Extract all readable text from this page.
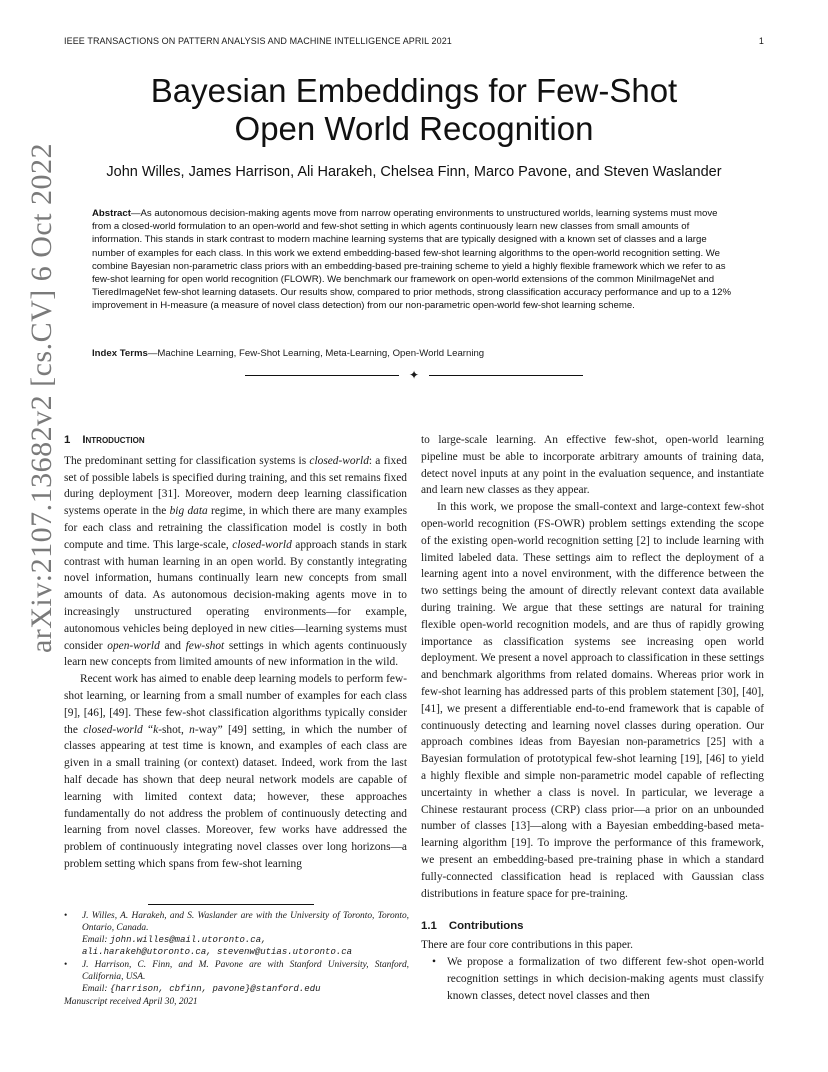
IEEE TRANSACTIONS ON PATTERN ANALYSIS AND MACHINE INTELLIGENCE APRIL 2021	1
arXiv:2107.13682v2 [cs.CV] 6 Oct 2022
Bayesian Embeddings for Few-Shot
Open World Recognition
John Willes, James Harrison, Ali Harakeh, Chelsea Finn, Marco Pavone, and Steven Waslander
Abstract—As autonomous decision-making agents move from narrow operating environments to unstructured worlds, learning systems must move from a closed-world formulation to an open-world and few-shot setting in which agents continuously learn new classes from small amounts of information. This stands in stark contrast to modern machine learning systems that are typically designed with a known set of classes and a large number of examples for each class. In this work we extend embedding-based few-shot learning algorithms to the open-world recognition setting. We combine Bayesian non-parametric class priors with an embedding-based pre-training scheme to yield a highly flexible framework which we refer to as few-shot learning for open world recognition (FLOWR). We benchmark our framework on open-world extensions of the common MiniImageNet and TieredImageNet few-shot learning datasets. Our results show, compared to prior methods, strong classification accuracy performance and up to a 12% improvement in H-measure (a measure of novel class detection) from our non-parametric open-world few-shot learning scheme.
Index Terms—Machine Learning, Few-Shot Learning, Meta-Learning, Open-World Learning
✦
1 Introduction

The predominant setting for classification systems is closed-world: a fixed set of possible labels is specified during training, and this set remains fixed during deployment [31]. Moreover, modern deep learning classification systems operate in the big data regime, in which there are many examples for each class and retraining the classification model is costly in both compute and time. This large-scale, closed-world approach stands in stark contrast with human learning in an open world. By constantly integrating novel information, humans continually learn new concepts from small amounts of data. As autonomous decision-making agents move in to increasingly unstructured operating environments—for example, autonomous vehicles being deployed in new cities—learning systems must consider open-world and few-shot settings in which agents continuously learn new concepts from limited amounts of new information in the wild.

Recent work has aimed to enable deep learning models to perform few-shot learning, or learning from a small number of examples for each class [9], [46], [49]. These few-shot classification algorithms typically consider the closed-world “k-shot, n-way” [49] setting, in which the number of classes appearing at test time is known, and examples of each class are given in a small training (or context) dataset. Indeed, work from the last half decade has shown that deep neural network models are capable of learning with limited context data; however, these approaches fundamentally do not address the problem of continuously detecting and learning from novel classes. Moreover, few works have addressed the problem of continuously integrating novel classes over long horizons—a problem setting which spans from few-shot learning

to large-scale learning. An effective few-shot, open-world learning pipeline must be able to incorporate arbitrary amounts of training data, detect novel inputs at any point in the evaluation sequence, and instantiate and learn new classes as they appear.

In this work, we propose the small-context and large-context few-shot open-world recognition (FS-OWR) problem settings extending the scope of the existing open-world recognition setting [2] to include learning with limited labeled data. These settings aim to reflect the deployment of a learning agent into a novel environment, with the difference between the two settings being the amount of directly relevant context data available during training. We argue that these settings are natural for training flexible open-world recognition models, and are thus of rapidly growing importance as classification systems see increasing open world deployment. We present a novel approach to classification in these settings and benchmark algorithms from related domains. Whereas prior work in few-shot learning has addressed parts of this problem statement [30], [40], [41], we present a differentiable end-to-end framework that is capable of continuously detecting and learning novel classes during operation. Our approach combines ideas from Bayesian non-parametrics [25] with a Bayesian formulation of prototypical few-shot learning [19], [46] to yield a highly flexible and simple non-parametric model capable of reflecting uncertainty in whether a class is novel. In particular, we leverage a Chinese restaurant process (CRP) class prior—a prior on an unbounded number of classes [13]—along with a Bayesian embedding-based meta-learning algorithm [19]. To improve the performance of this framework, we present an embedding-based pre-training phase in which a standard fully-connected classification head is replaced with Gaussian class distributions in feature space for pre-training.

1.1 Contributions

There are four core contributions in this paper.

• We propose a formalization of two different few-shot open-world recognition settings in which decision-making agents must classify known classes, detect novel classes and then
•	J. Willes, A. Harakeh, and S. Waslander are with the University of Toronto, Toronto, Ontario, Canada.
Email: john.willes@mail.utoronto.ca,
ali.harakeh@utoronto.ca, stevenw@utias.utoronto.ca
•	J. Harrison, C. Finn, and M. Pavone are with Stanford University, Stanford, California, USA.
Email: {harrison, cbfinn, pavone}@stanford.edu
Manuscript received April 30, 2021
